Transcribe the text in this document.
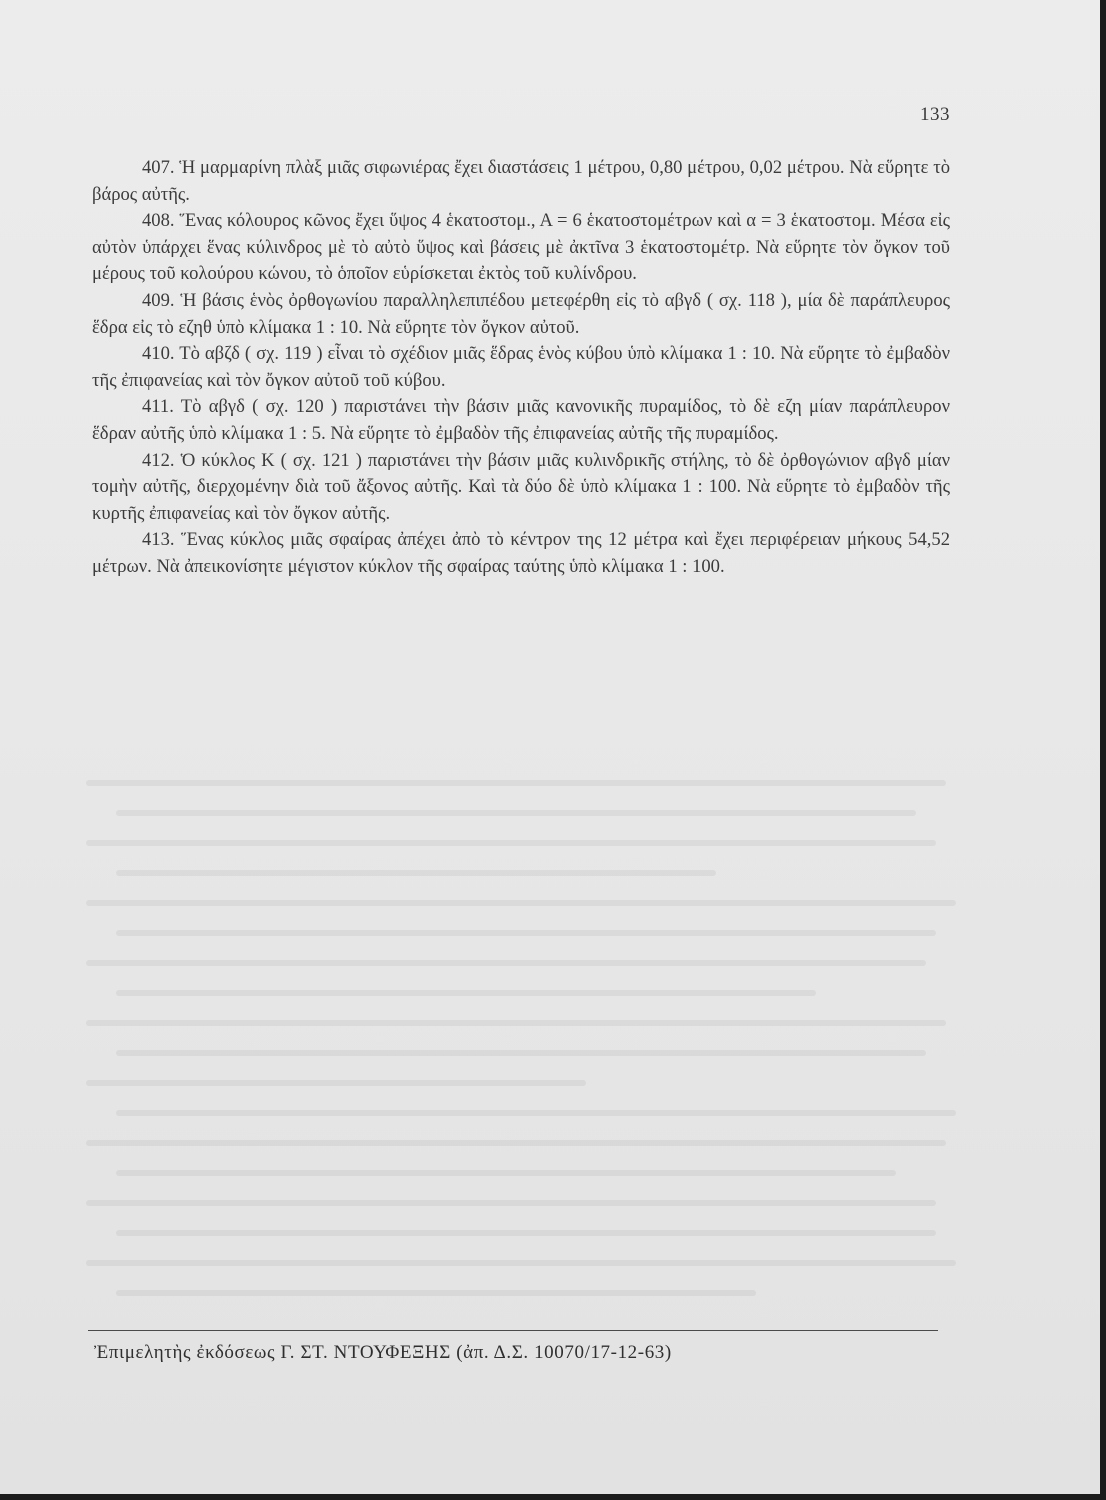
133

407. Ἡ μαρμαρίνη πλὰξ μιᾶς σιφωνιέρας ἔχει διαστάσεις 1 μέτρου, 0,80 μέτρου, 0,02 μέτρου. Νὰ εὕρητε τὸ βάρος αὐτῆς.

408. Ἕνας κόλουρος κῶνος ἔχει ὕψος 4 ἑκατοστομ., Α = 6 ἑκατοστομέτρων καὶ α = 3 ἑκατοστομ. Μέσα εἰς αὐτὸν ὑπάρχει ἕνας κύλινδρος μὲ τὸ αὐτὸ ὕψος καὶ βάσεις μὲ ἀκτῖνα 3 ἑκατοστομέτρ. Νὰ εὕρητε τὸν ὄγκον τοῦ μέρους τοῦ κολούρου κώνου, τὸ ὁποῖον εὑρίσκεται ἐκτὸς τοῦ κυλίνδρου.

409. Ἡ βάσις ἑνὸς ὀρθογωνίου παραλληλεπιπέδου μετεφέρθη εἰς τὸ αβγδ ( σχ. 118 ), μία δὲ παράπλευρος ἕδρα εἰς τὸ εζηθ ὑπὸ κλίμακα 1 : 10. Νὰ εὕρητε τὸν ὄγκον αὐτοῦ.

410. Τὸ αβζδ ( σχ. 119 ) εἶναι τὸ σχέδιον μιᾶς ἕδρας ἑνὸς κύβου ὑπὸ κλίμακα 1 : 10. Νὰ εὕρητε τὸ ἐμβαδὸν τῆς ἐπιφανείας καὶ τὸν ὄγκον αὐτοῦ τοῦ κύβου.

411. Τὸ αβγδ ( σχ. 120 ) παριστάνει τὴν βάσιν μιᾶς κανονικῆς πυραμίδος, τὸ δὲ εζη μίαν παράπλευρον ἕδραν αὐτῆς ὑπὸ κλίμακα 1 : 5. Νὰ εὕρητε τὸ ἐμβαδὸν τῆς ἐπιφανείας αὐτῆς τῆς πυραμίδος.

412. Ὁ κύκλος Κ ( σχ. 121 ) παριστάνει τὴν βάσιν μιᾶς κυλινδρικῆς στήλης, τὸ δὲ ὀρθογώνιον αβγδ μίαν τομὴν αὐτῆς, διερχομένην διὰ τοῦ ἄξονος αὐτῆς. Καὶ τὰ δύο δὲ ὑπὸ κλίμακα 1 : 100. Νὰ εὕρητε τὸ ἐμβαδὸν τῆς κυρτῆς ἐπιφανείας καὶ τὸν ὄγκον αὐτῆς.

413. Ἕνας κύκλος μιᾶς σφαίρας ἀπέχει ἀπὸ τὸ κέντρον της 12 μέτρα καὶ ἔχει περιφέρειαν μήκους 54,52 μέτρων. Νὰ ἀπεικονίσητε μέγιστον κύκλον τῆς σφαίρας ταύτης ὑπὸ κλίμακα 1 : 100.

Ἐπιμελητὴς ἐκδόσεως Γ. ΣΤ. ΝΤΟΥΦΕΞΗΣ (ἀπ. Δ.Σ. 10070/17-12-63)
